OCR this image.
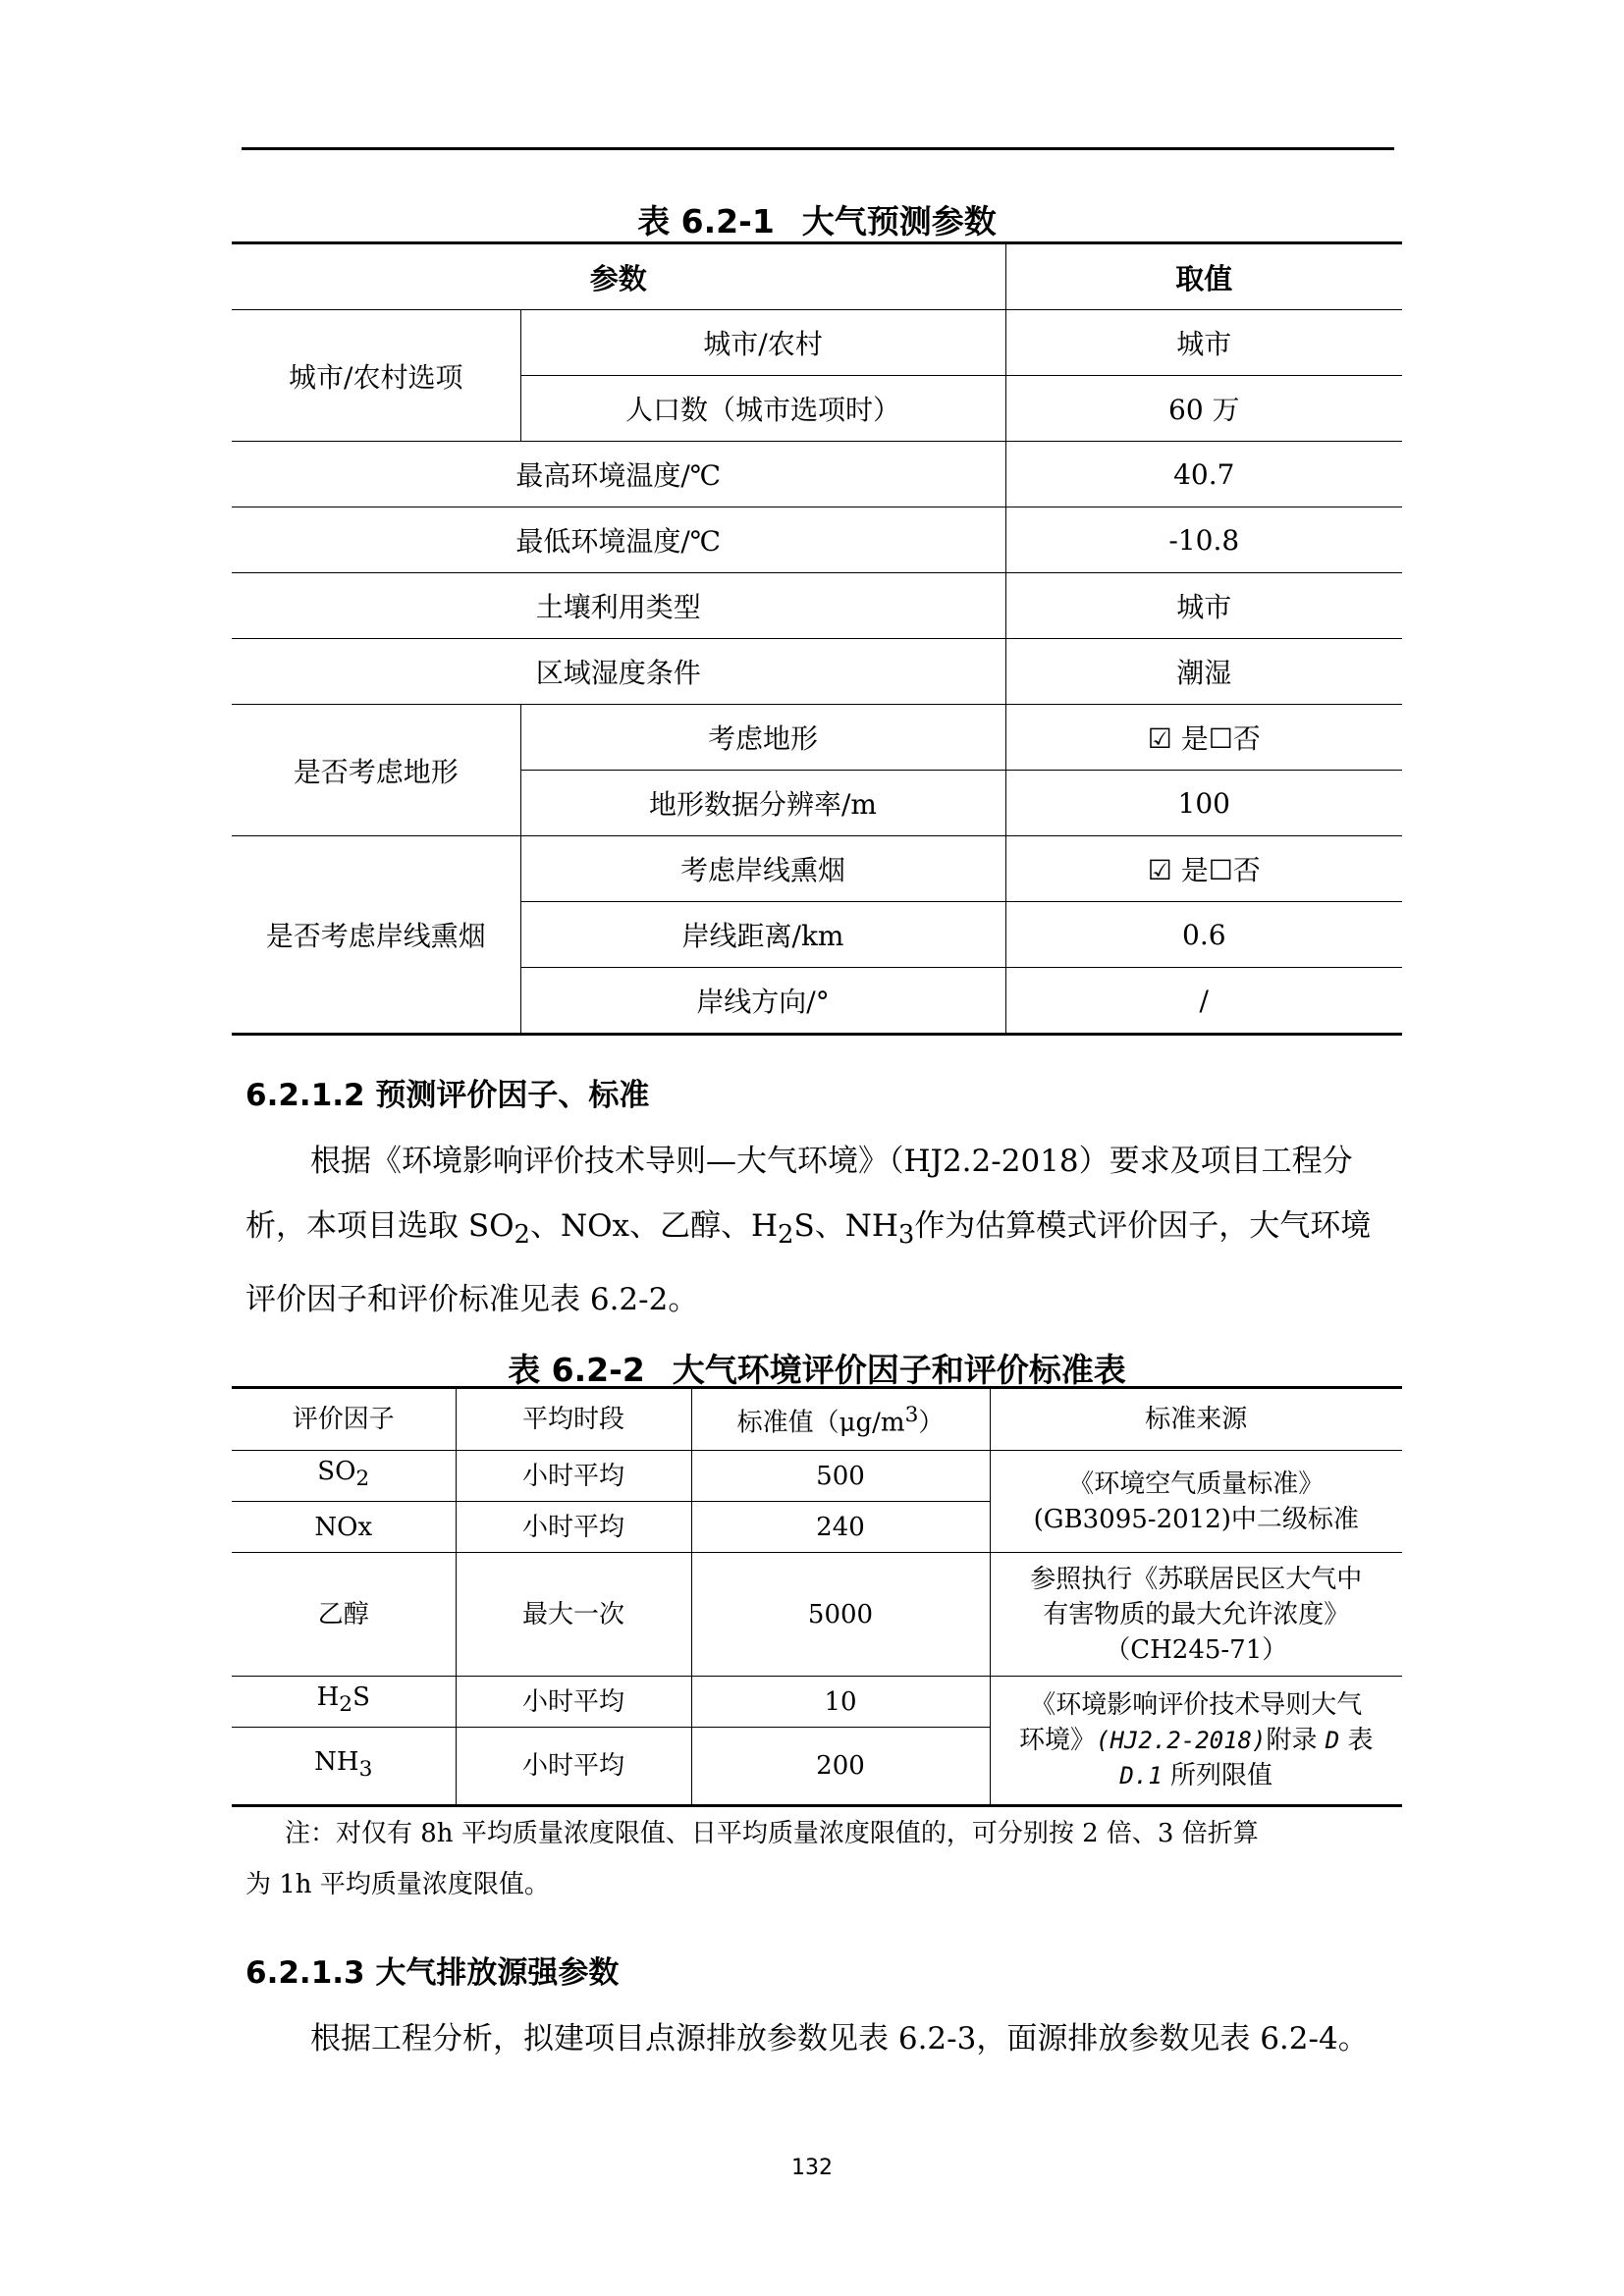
表 6.2-1 大气预测参数
参数		取值
城市/农村选项	城市/农村	城市
	人口数（城市选项时）	60 万
最高环境温度/℃		40.7
最低环境温度/℃		-10.8
土壤利用类型		城市
区域湿度条件		潮湿
是否考虑地形	考虑地形	☑ 是☐否
	地形数据分辨率/m	100
是否考虑岸线熏烟	考虑岸线熏烟	☑ 是☐否
	岸线距离/km	0.6
	岸线方向/°	/
6.2.1.2 预测评价因子、标准

根据《环境影响评价技术导则—大气环境》（HJ2.2-2018）要求及项目工程分析，本项目选取 $SO_2$、NOx、乙醇、$H_2S$、$NH_3$作为估算模式评价因子，大气环境评价因子和评价标准见表 6.2-2。

表 6.2-2 大气环境评价因子和评价标准表
评价因子	平均时段	标准值$(\mu g/m^3)$	标准来源
$SO_2$	小时平均	500	《环境空气质量标准》
(GB3095-2012)中二级标准

NOx	小时平均	240	
乙醇	最大一次	5000	参照执行《苏联居民区大气中
有害物质的最大允许浓度》
（CH245-71）

$H_2S$	小时平均	10	《环境影响评价技术导则大气
环境》(HJ2.2-2018)附录 D 表
D.1 所列限值

$NH_3$	小时平均	200	

注：对仅有 8h 平均质量浓度限值、日平均质量浓度限值的，可分别按 2 倍、3 倍折算

为 1h 平均质量浓度限值。
6.2.1.3 大气排放源强参数

根据工程分析，拟建项目点源排放参数见表 6.2-3，面源排放参数见表 6.2-4。

132
